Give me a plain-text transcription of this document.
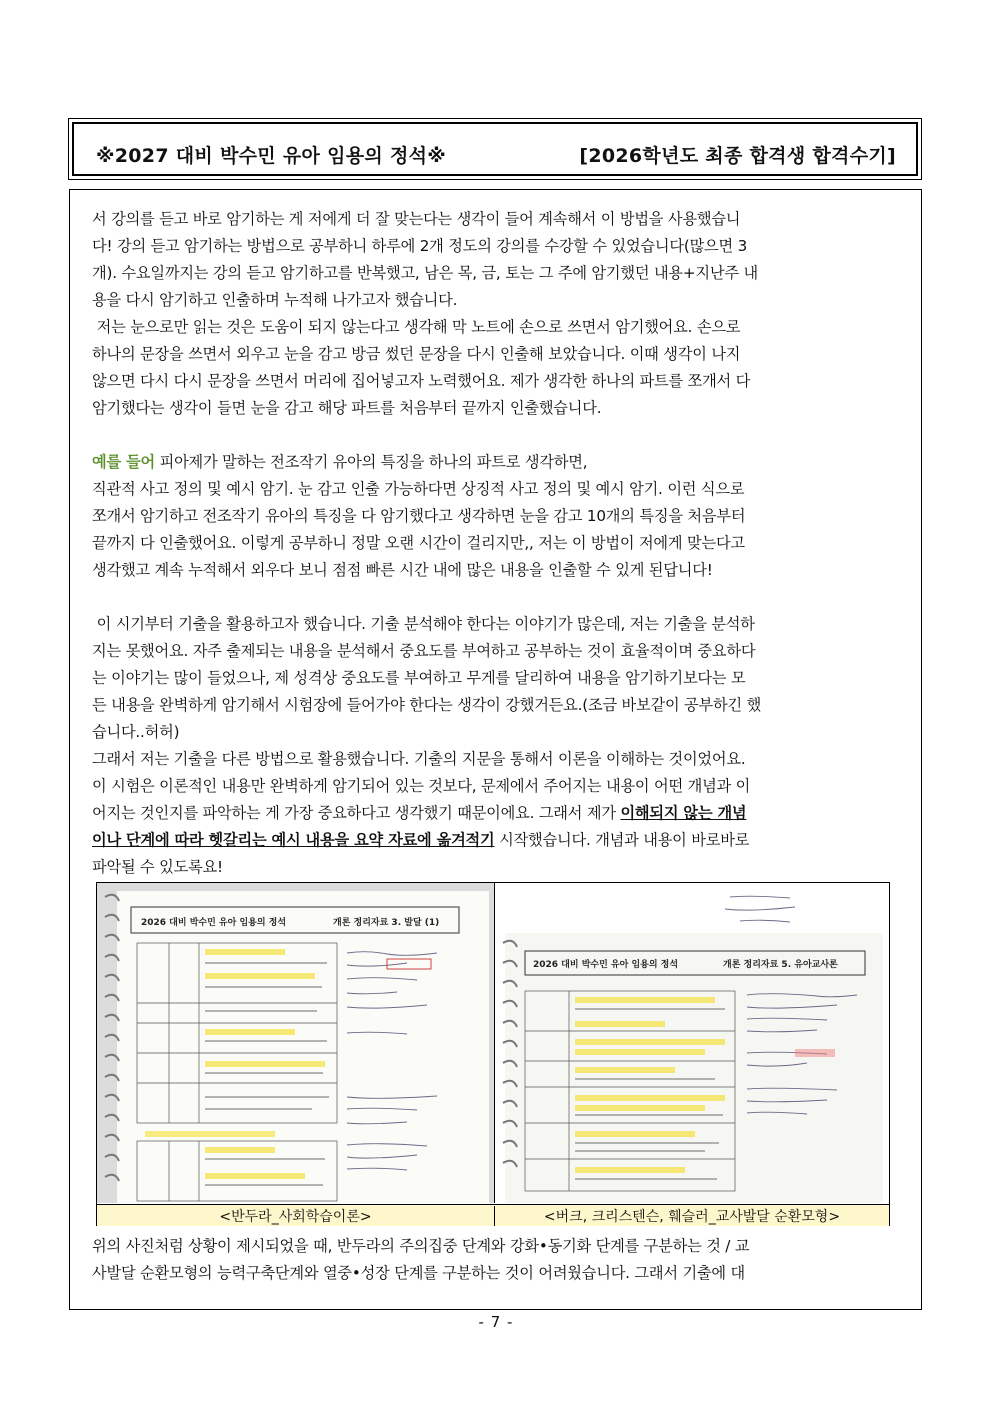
※2027 대비 박수민 유아 임용의 정석※	[2026학년도 최종 합격생 합격수기]

서 강의를 듣고 바로 암기하는 게 저에게 더 잘 맞는다는 생각이 들어 계속해서 이 방법을 사용했습니
다! 강의 듣고 암기하는 방법으로 공부하니 하루에 2개 정도의 강의를 수강할 수 있었습니다(많으면 3
개). 수요일까지는 강의 듣고 암기하고를 반복했고, 남은 목, 금, 토는 그 주에 암기했던 내용+지난주 내
용을 다시 암기하고 인출하며 누적해 나가고자 했습니다.

저는 눈으로만 읽는 것은 도움이 되지 않는다고 생각해 막 노트에 손으로 쓰면서 암기했어요. 손으로
하나의 문장을 쓰면서 외우고 눈을 감고 방금 썼던 문장을 다시 인출해 보았습니다. 이때 생각이 나지
않으면 다시 다시 문장을 쓰면서 머리에 집어넣고자 노력했어요. 제가 생각한 하나의 파트를 쪼개서 다
암기했다는 생각이 들면 눈을 감고 해당 파트를 처음부터 끝까지 인출했습니다.

예를 들어 피아제가 말하는 전조작기 유아의 특징을 하나의 파트로 생각하면,

직관적 사고 정의 및 예시 암기. 눈 감고 인출 가능하다면 상징적 사고 정의 및 예시 암기. 이런 식으로
쪼개서 암기하고 전조작기 유아의 특징을 다 암기했다고 생각하면 눈을 감고 10개의 특징을 처음부터
끝까지 다 인출했어요. 이렇게 공부하니 정말 오랜 시간이 걸리지만,, 저는 이 방법이 저에게 맞는다고
생각했고 계속 누적해서 외우다 보니 점점 빠른 시간 내에 많은 내용을 인출할 수 있게 된답니다!

이 시기부터 기출을 활용하고자 했습니다. 기출 분석해야 한다는 이야기가 많은데, 저는 기출을 분석하
지는 못했어요. 자주 출제되는 내용을 분석해서 중요도를 부여하고 공부하는 것이 효율적이며 중요하다
는 이야기는 많이 들었으나, 제 성격상 중요도를 부여하고 무게를 달리하여 내용을 암기하기보다는 모
든 내용을 완벽하게 암기해서 시험장에 들어가야 한다는 생각이 강했거든요.(조금 바보같이 공부하긴 했
습니다..허허)

그래서 저는 기출을 다른 방법으로 활용했습니다. 기출의 지문을 통해서 이론을 이해하는 것이었어요.
이 시험은 이론적인 내용만 완벽하게 암기되어 있는 것보다, 문제에서 주어지는 내용이 어떤 개념과 이
어지는 것인지를 파악하는 게 가장 중요하다고 생각했기 때문이에요. 그래서 제가 이해되지 않는 개념
이나 단계에 따라 헷갈리는 예시 내용을 요약 자료에 옮겨적기 시작했습니다. 개념과 내용이 바로바로
파악될 수 있도록요!

2026 대비 박수민 유아 임용의 정석	개론 정리자료 3. 발달 (1)
2026 대비 박수민 유아 임용의 정석	개론 정리자료 5. 유아교사론
<반두라_사회학습이론>	<버크, 크리스텐슨, 훼슬러_교사발달 순환모형>

위의 사진처럼 상황이 제시되었을 때, 반두라의 주의집중 단계와 강화•동기화 단계를 구분하는 것 / 교
사발달 순환모형의 능력구축단계와 열중•성장 단계를 구분하는 것이 어려웠습니다. 그래서 기출에 대

- 7 -
